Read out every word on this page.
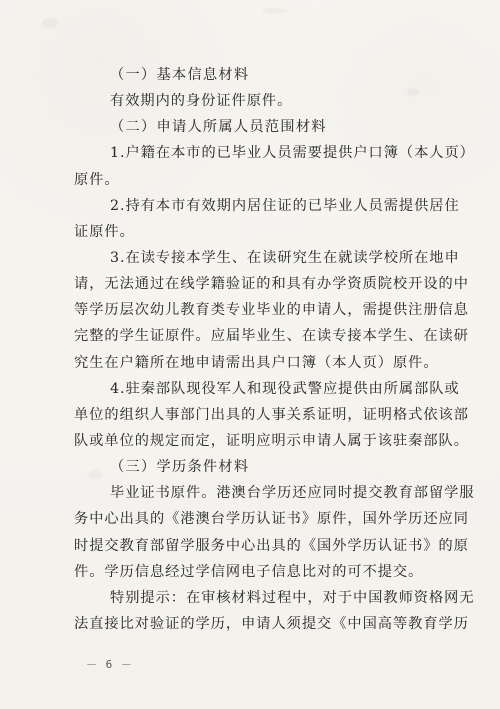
（一）基本信息材料
有效期内的身份证件原件。
（二）申请人所属人员范围材料
1.户籍在本市的已毕业人员需要提供户口簿（本人页）
原件。
2.持有本市有效期内居住证的已毕业人员需提供居住
证原件。
3.在读专接本学生、在读研究生在就读学校所在地申
请，无法通过在线学籍验证的和具有办学资质院校开设的中
等学历层次幼儿教育类专业毕业的申请人，需提供注册信息
完整的学生证原件。应届毕业生、在读专接本学生、在读研
究生在户籍所在地申请需出具户口簿（本人页）原件。
4.驻秦部队现役军人和现役武警应提供由所属部队或
单位的组织人事部门出具的人事关系证明，证明格式依该部
队或单位的规定而定，证明应明示申请人属于该驻秦部队。
（三）学历条件材料
毕业证书原件。港澳台学历还应同时提交教育部留学服
务中心出具的《港澳台学历认证书》原件，国外学历还应同
时提交教育部留学服务中心出具的《国外学历认证书》的原
件。学历信息经过学信网电子信息比对的可不提交。
特别提示：在审核材料过程中，对于中国教师资格网无
法直接比对验证的学历，申请人须提交《中国高等教育学历
－ 6 －
